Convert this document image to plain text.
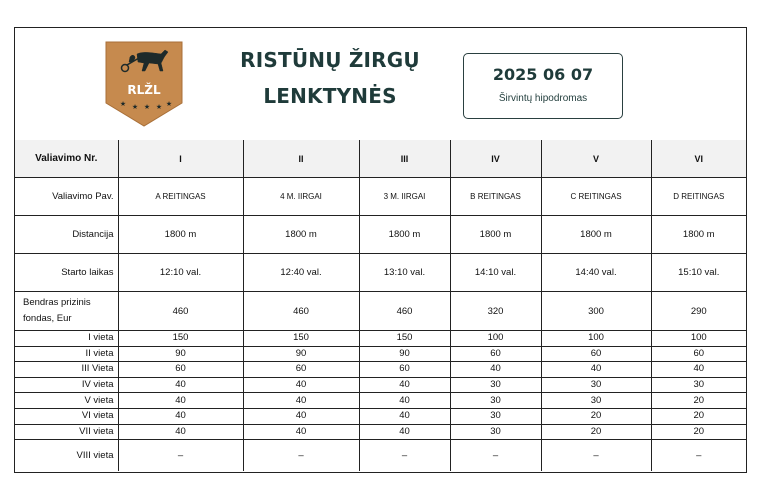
RLŽL
★ ★ ★ ★ ★
RISTŪNŲ ŽIRGŲ
LENKTYNĖS
2025 06 07
Širvintų hipodromas
Valiavimo Nr.	I	II	III	IV	V	VI
Valiavimo Pav.	A REITINGAS	4 M. IIRGAI	3 M. IIRGAI	B REITINGAS	C REITINGAS	D REITINGAS
Distancija	1800 m	1800 m	1800 m	1800 m	1800 m	1800 m
Starto laikas	12:10 val.	12:40 val.	13:10 val.	14:10 val.	14:40 val.	15:10 val.

Bendras prizinis
fondas, Eur	460	460	460	320	300	290
I vieta	150	150	150	100	100	100
II vieta	90	90	90	60	60	60
III Vieta	60	60	60	40	40	40
IV vieta	40	40	40	30	30	30
V vieta	40	40	40	30	30	20
VI vieta	40	40	40	30	20	20
VII vieta	40	40	40	30	20	20
VIII vieta	–	–	–	–	–	–
